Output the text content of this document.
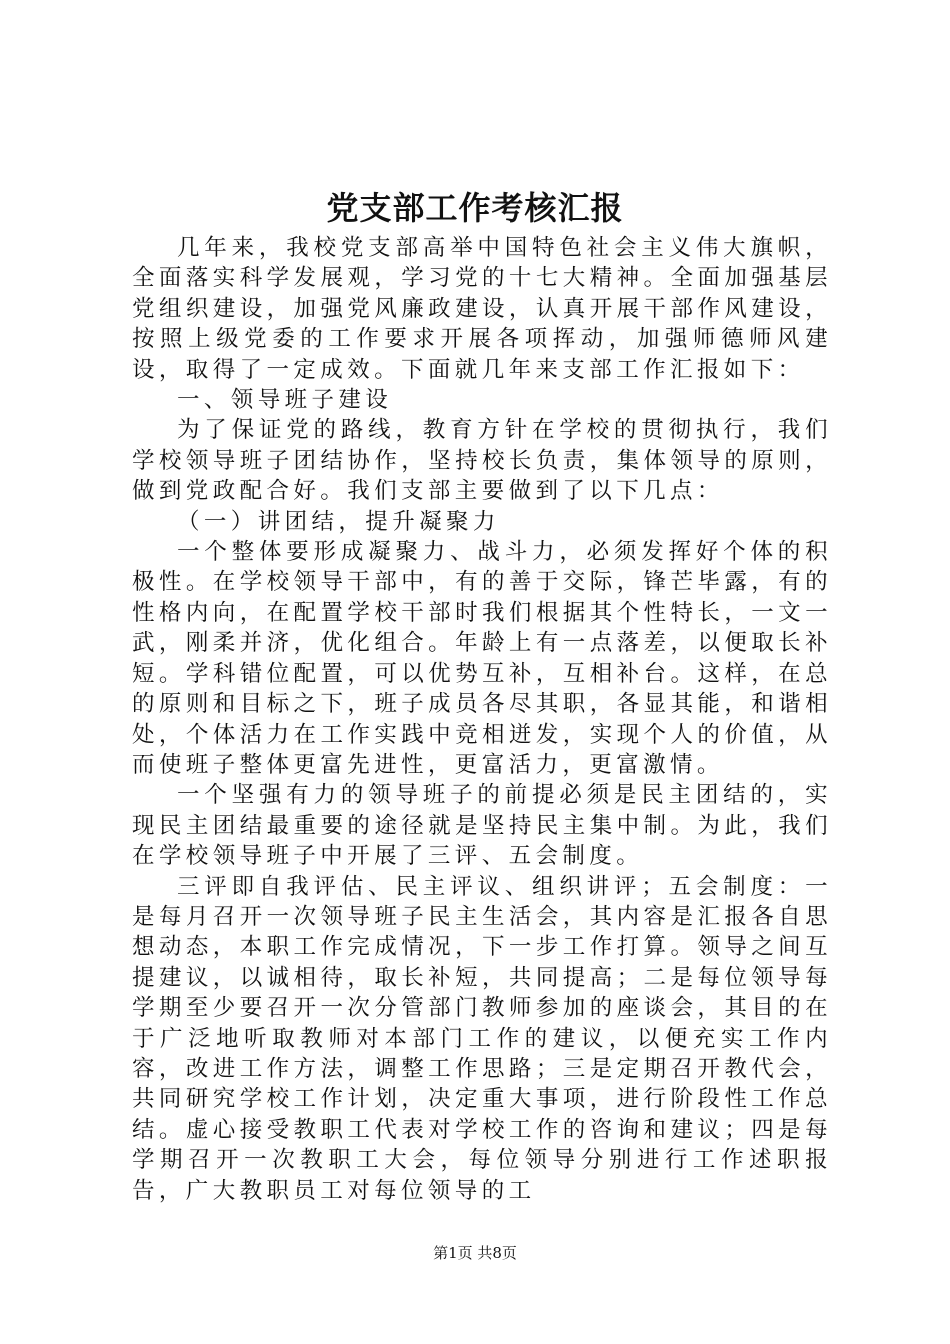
党支部工作考核汇报

几年来，我校党支部高举中国特色社会主义伟大旗帜，全面落实科学发展观，学习党的十七大精神。全面加强基层党组织建设，加强党风廉政建设，认真开展干部作风建设，按照上级党委的工作要求开展各项挥动，加强师德师风建设，取得了一定成效。下面就几年来支部工作汇报如下：

一、领导班子建设

为了保证党的路线，教育方针在学校的贯彻执行，我们学校领导班子团结协作，坚持校长负责，集体领导的原则，做到党政配合好。我们支部主要做到了以下几点：

（一）讲团结，提升凝聚力

一个整体要形成凝聚力、战斗力，必须发挥好个体的积极性。在学校领导干部中，有的善于交际，锋芒毕露，有的性格内向，在配置学校干部时我们根据其个性特长，一文一武，刚柔并济，优化组合。年龄上有一点落差，以便取长补短。学科错位配置，可以优势互补，互相补台。这样，在总的原则和目标之下，班子成员各尽其职，各显其能，和谐相处，个体活力在工作实践中竞相迸发，实现个人的价值，从而使班子整体更富先进性，更富活力，更富激情。

一个坚强有力的领导班子的前提必须是民主团结的，实现民主团结最重要的途径就是坚持民主集中制。为此，我们在学校领导班子中开展了三评、五会制度。

三评即自我评估、民主评议、组织讲评；五会制度：一是每月召开一次领导班子民主生活会，其内容是汇报各自思想动态，本职工作完成情况，下一步工作打算。领导之间互提建议，以诚相待，取长补短，共同提高；二是每位领导每学期至少要召开一次分管部门教师参加的座谈会，其目的在于广泛地听取教师对本部门工作的建议，以便充实工作内容，改进工作方法，调整工作思路；三是定期召开教代会，共同研究学校工作计划，决定重大事项，进行阶段性工作总结。虚心接受教职工代表对学校工作的咨询和建议；四是每学期召开一次教职工大会，每位领导分别进行工作述职报告，广大教职员工对每位领导的工

第1页 共8页
